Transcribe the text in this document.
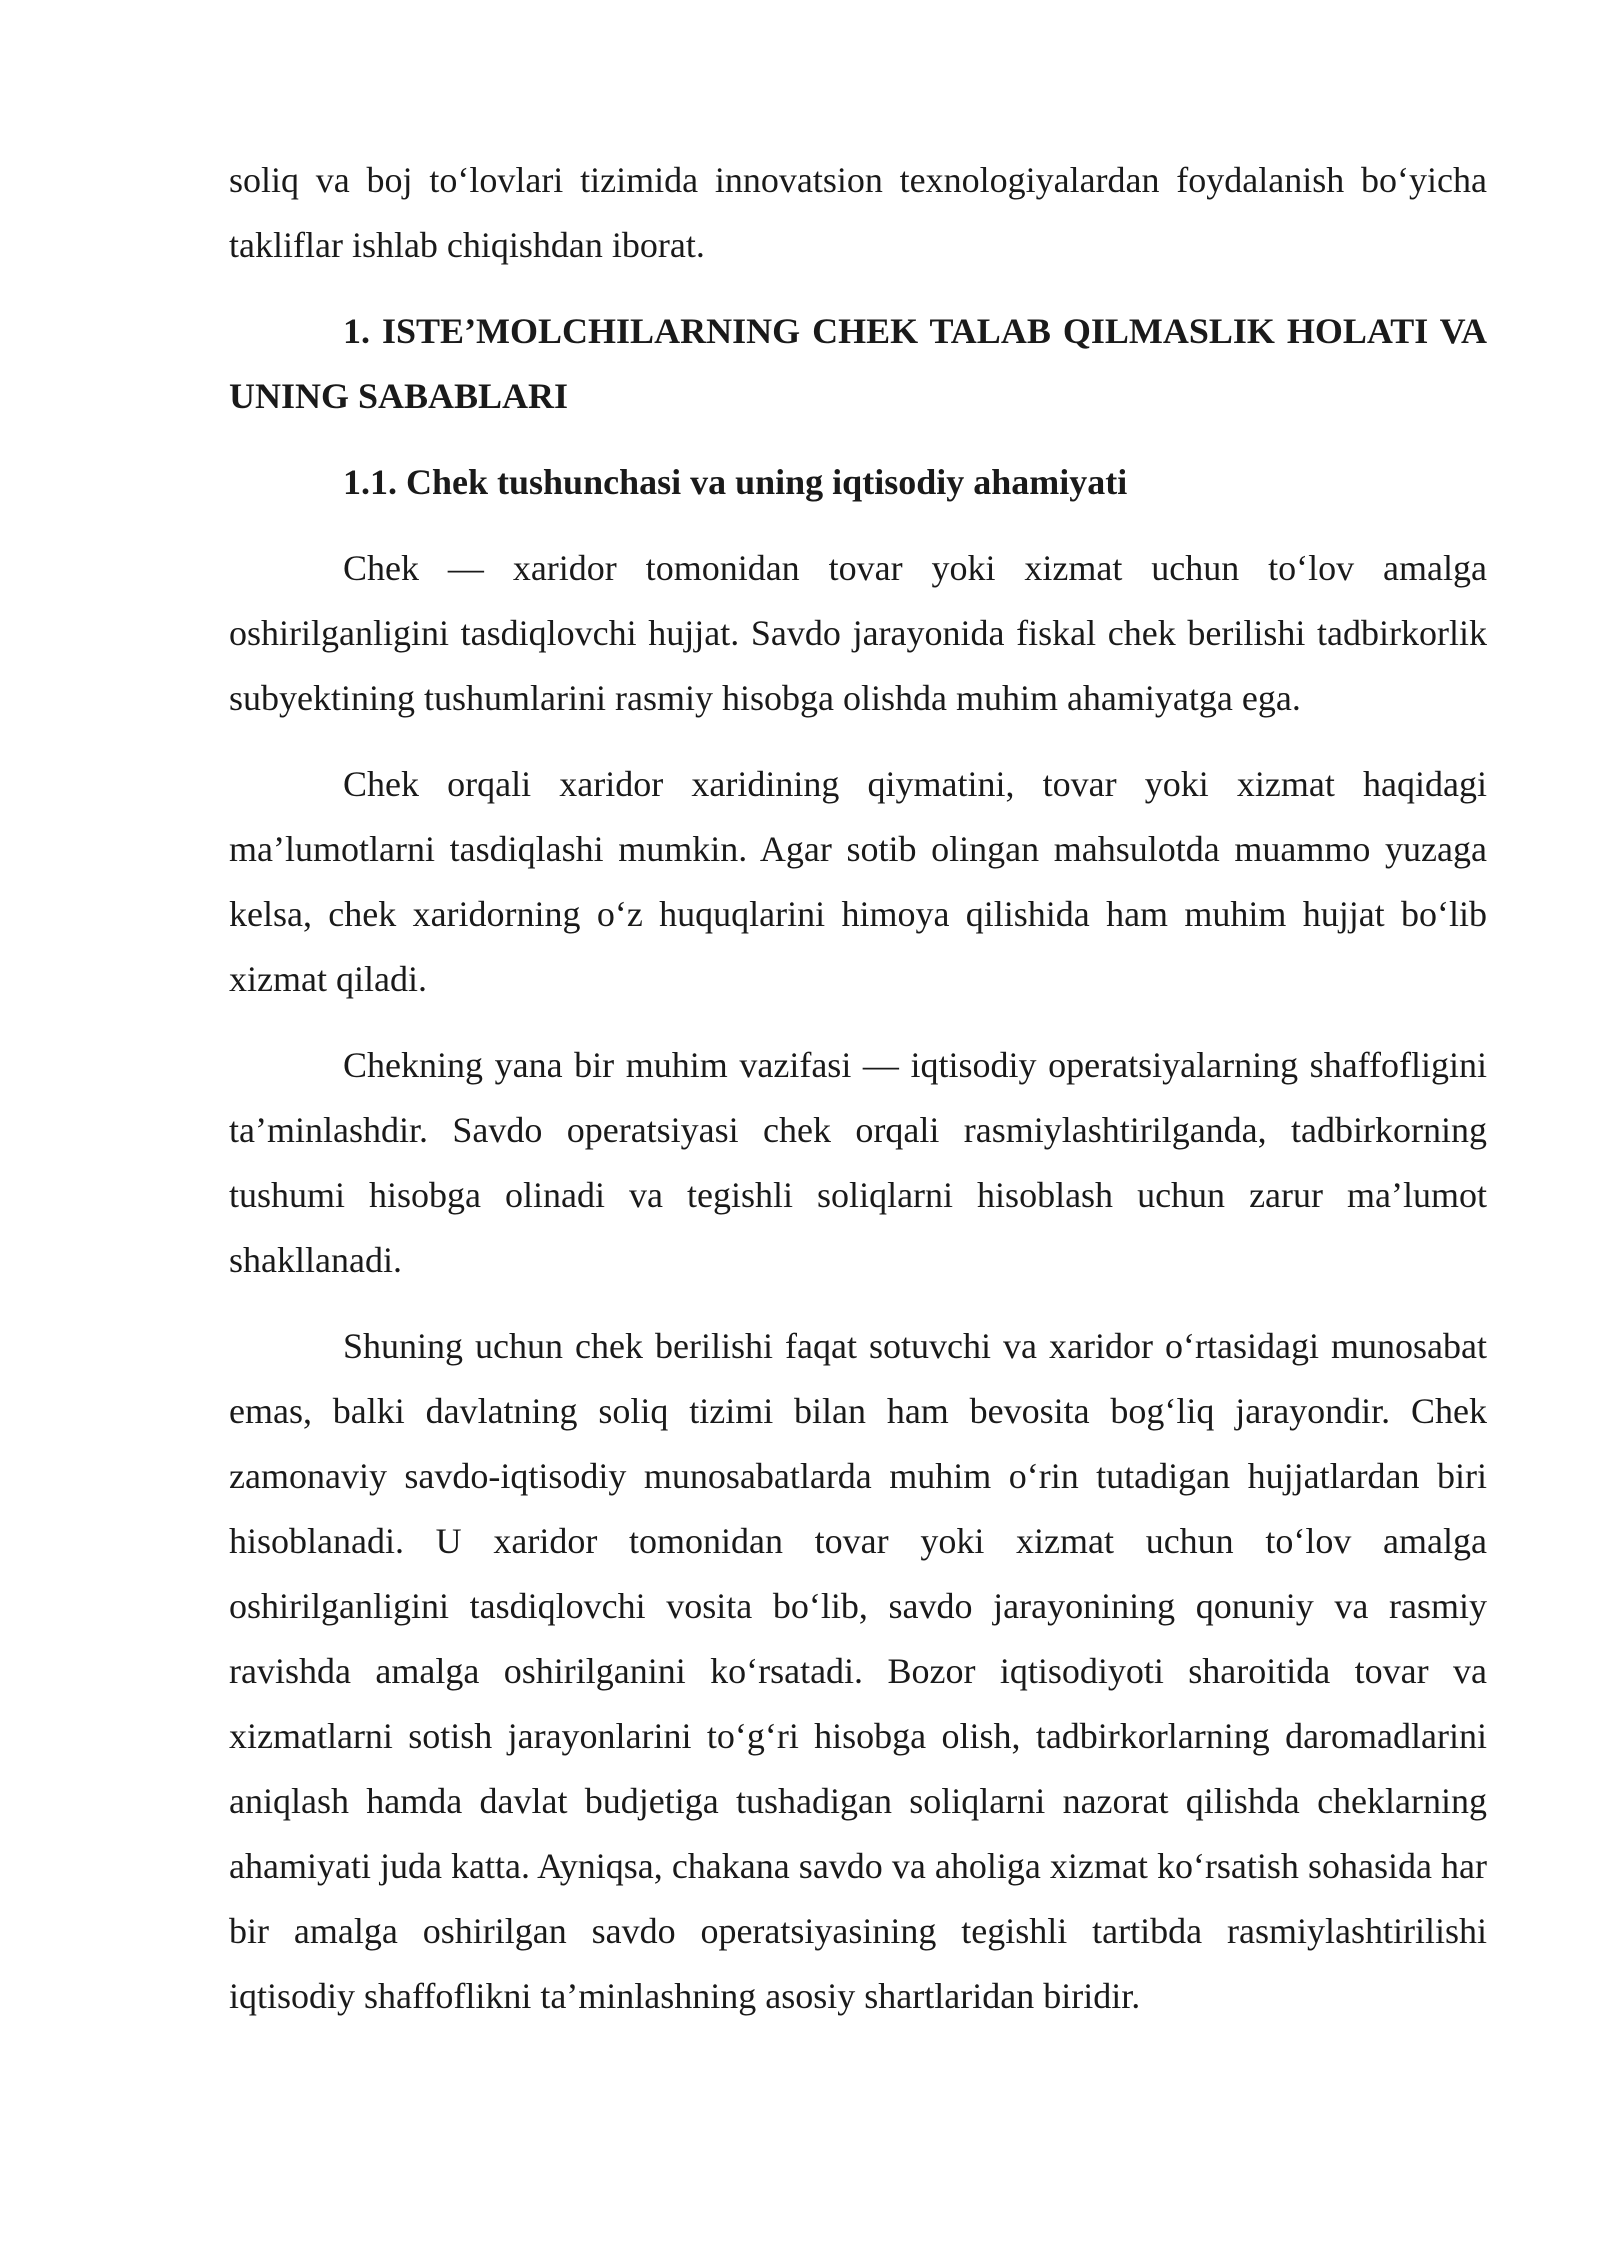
soliq va boj to‘lovlari tizimida innovatsion texnologiyalardan foydalanish bo‘yicha takliflar ishlab chiqishdan iborat.

1. ISTE’MOLCHILARNING CHEK TALAB QILMASLIK HOLATI VA UNING SABABLARI
1.1. Chek tushunchasi va uning iqtisodiy ahamiyati

Chek — xaridor tomonidan tovar yoki xizmat uchun to‘lov amalga oshirilganligini tasdiqlovchi hujjat. Savdo jarayonida fiskal chek berilishi tadbirkorlik subyektining tushumlarini rasmiy hisobga olishda muhim ahamiyatga ega.

Chek orqali xaridor xaridining qiymatini, tovar yoki xizmat haqidagi ma’lumotlarni tasdiqlashi mumkin. Agar sotib olingan mahsulotda muammo yuzaga kelsa, chek xaridorning o‘z huquqlarini himoya qilishida ham muhim hujjat bo‘lib xizmat qiladi.

Chekning yana bir muhim vazifasi — iqtisodiy operatsiyalarning shaffofligini ta’minlashdir. Savdo operatsiyasi chek orqali rasmiylashtirilganda, tadbirkorning tushumi hisobga olinadi va tegishli soliqlarni hisoblash uchun zarur ma’lumot shakllanadi.

Shuning uchun chek berilishi faqat sotuvchi va xaridor o‘rtasidagi munosabat emas, balki davlatning soliq tizimi bilan ham bevosita bog‘liq jarayondir. Chek zamonaviy savdo-iqtisodiy munosabatlarda muhim o‘rin tutadigan hujjatlardan biri hisoblanadi. U xaridor tomonidan tovar yoki xizmat uchun to‘lov amalga oshirilganligini tasdiqlovchi vosita bo‘lib, savdo jarayonining qonuniy va rasmiy ravishda amalga oshirilganini ko‘rsatadi. Bozor iqtisodiyoti sharoitida tovar va xizmatlarni sotish jarayonlarini to‘g‘ri hisobga olish, tadbirkorlarning daromadlarini aniqlash hamda davlat budjetiga tushadigan soliqlarni nazorat qilishda cheklarning ahamiyati juda katta. Ayniqsa, chakana savdo va aholiga xizmat ko‘rsatish sohasida har bir amalga oshirilgan savdo operatsiyasining tegishli tartibda rasmiylashtirilishi iqtisodiy shaffoflikni ta’minlashning asosiy shartlaridan biridir.
